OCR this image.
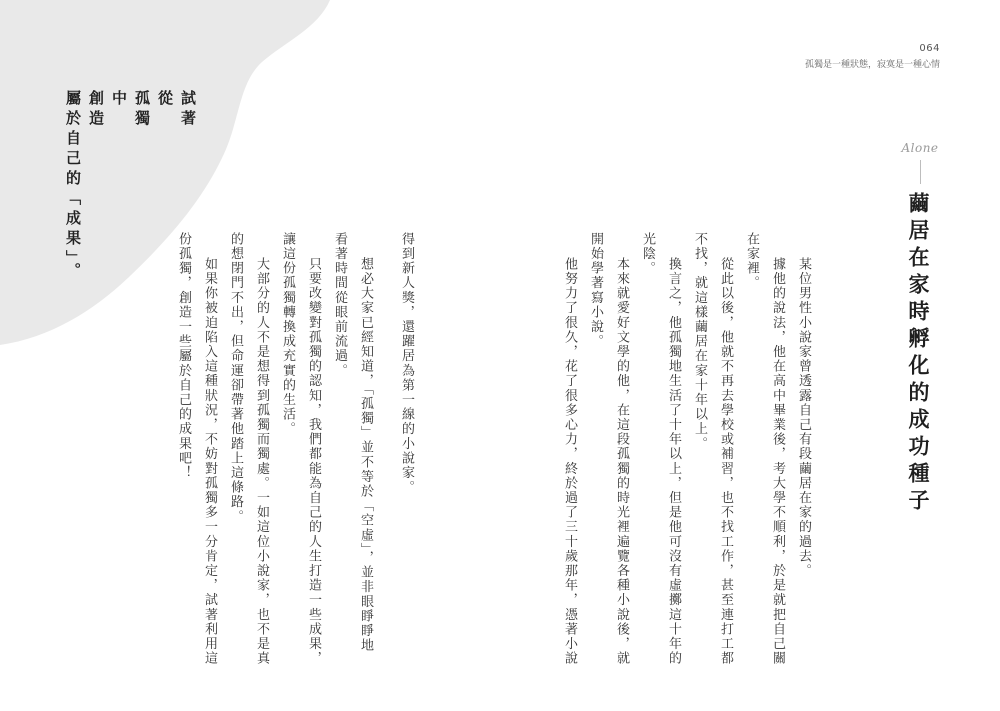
064
孤獨是一種狀態，寂寞是一種心情

試著

從

孤獨

中

創造

屬於自己的「成果」。	Alone
繭居在家時孵化的成功種子

某位男性小說家曾透露自己有段繭居在家的過去。

據他的說法，他在高中畢業後，考大學不順利，於是就把自己關

在家裡。

從此以後，他就不再去學校或補習，也不找工作，甚至連打工都

不找，就這樣繭居在家十年以上。

換言之，他孤獨地生活了十年以上，但是他可沒有虛擲這十年的

光陰。

本來就愛好文學的他，在這段孤獨的時光裡遍覽各種小說後，就

開始學著寫小說。

他努力了很久，花了很多心力，終於過了三十歲那年，憑著小說

得到新人獎，還躍居為第一線的小說家。

想必大家已經知道，「孤獨」並不等於「空虛」，並非眼睜睜地

看著時間從眼前流過。

只要改變對孤獨的認知，我們都能為自己的人生打造一些成果，

讓這份孤獨轉換成充實的生活。

大部分的人不是想得到孤獨而獨處。一如這位小說家，也不是真

的想閉門不出，但命運卻帶著他踏上這條路。

如果你被迫陷入這種狀況，不妨對孤獨多一分肯定，試著利用這

份孤獨，創造一些屬於自己的成果吧！
